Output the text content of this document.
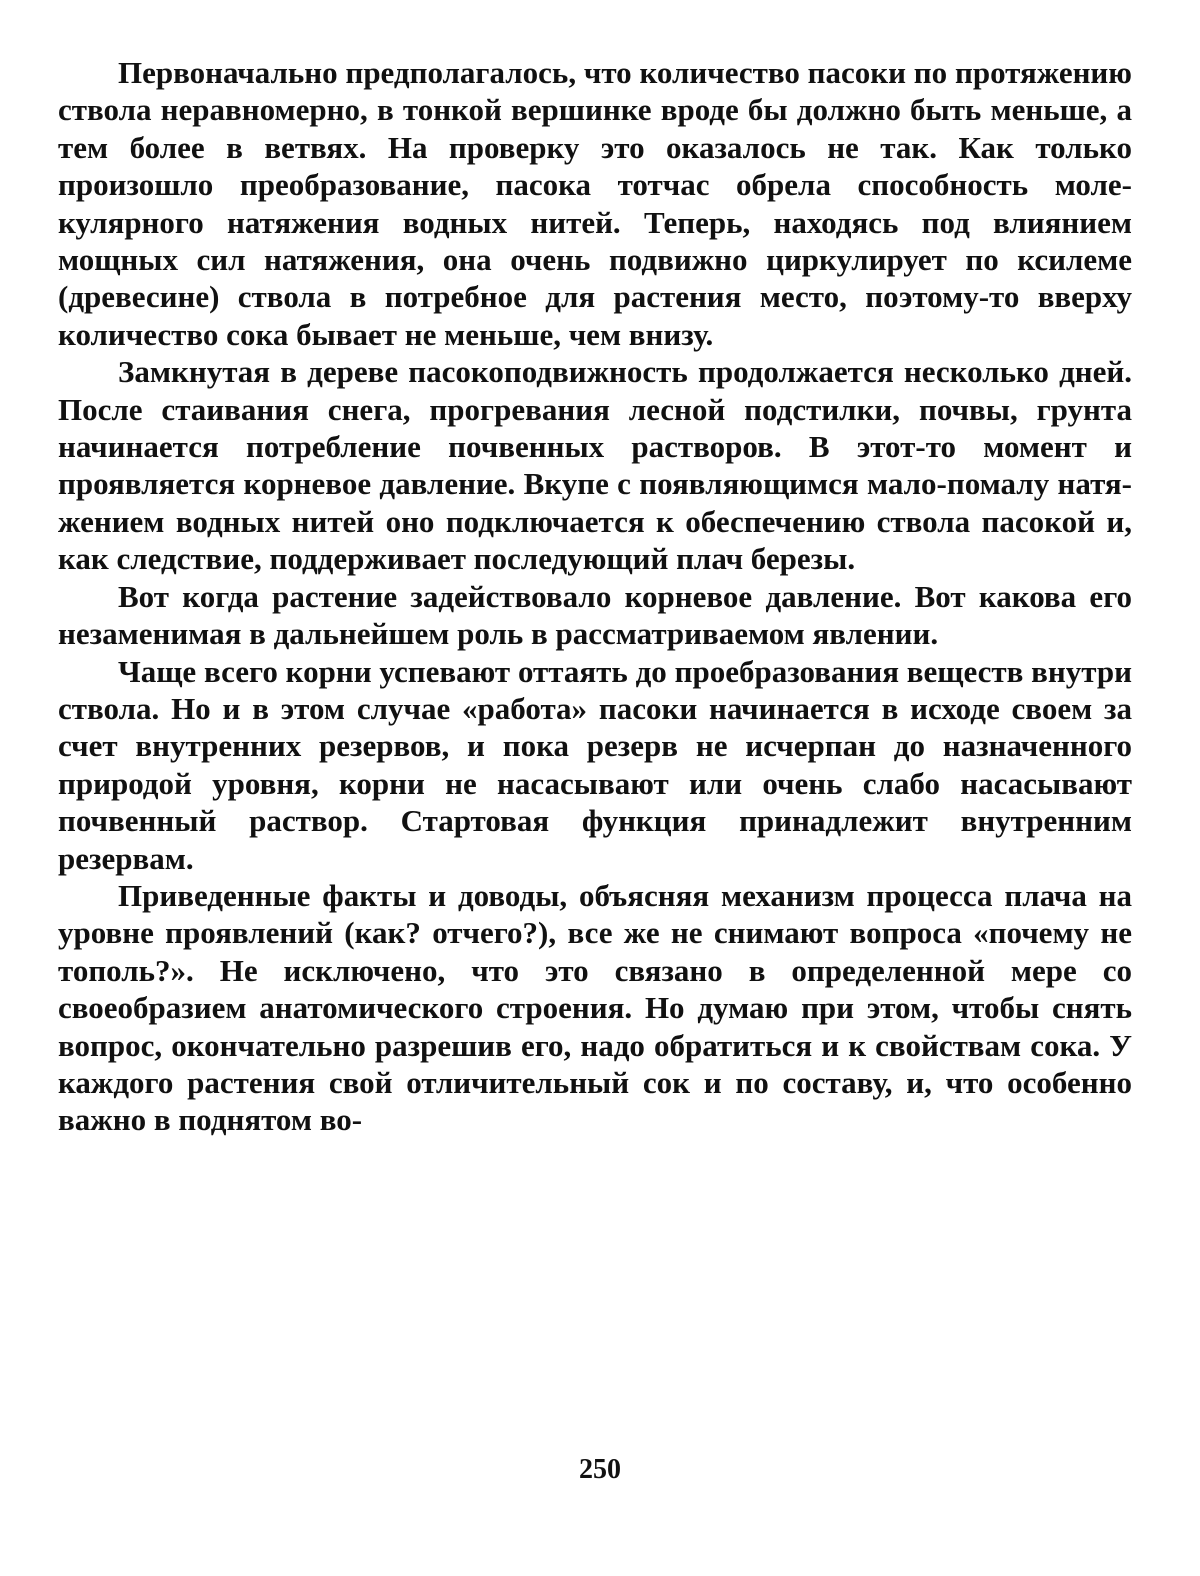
Первоначально предполагалось, что количество пасоки по протяжению ствола неравномерно, в тонкой вершинке вроде бы должно быть меньше, а тем более в ветвях. На проверку это оказалось не так. Как только произошло преобразование, пасока тотчас обрела способность молекулярного натяжения водных нитей. Теперь, находясь под влиянием мощных сил натяжения, она очень подвижно циркулирует по ксилеме (древесине) ствола в потребное для растения место, поэтому-то вверху количество сока бывает не меньше, чем внизу.

Замкнутая в дереве пасокоподвижность продолжается несколько дней. После стаивания снега, прогревания лесной подстилки, почвы, грунта начинается потребление почвенных растворов. В этот-то момент и проявляется корневое давление. Вкупе с появляющимся мало-помалу натяжением водных нитей оно подключается к обеспечению ствола пасокой и, как следствие, поддерживает последующий плач березы.

Вот когда растение задействовало корневое давление. Вот какова его незаменимая в дальнейшем роль в рассматриваемом явлении.

Чаще всего корни успевают оттаять до проебразования веществ внутри ствола. Но и в этом случае «работа» пасоки начинается в исходе своем за счет внутренних резервов, и пока резерв не исчерпан до назначенного природой уровня, корни не насасывают или очень слабо насасывают почвенный раствор. Стартовая функция принадлежит внутренним резервам.

Приведенные факты и доводы, объясняя механизм процесса плача на уровне проявлений (как? отчего?), все же не снимают вопроса «почему не тополь?». Не исключено, что это связано в определенной мере со своеобразием анатомического строения. Но думаю при этом, чтобы снять вопрос, окончательно разрешив его, надо обратиться и к свойствам сока. У каждого растения свой отличительный сок и по составу, и, что особенно важно в поднятом во-

250
